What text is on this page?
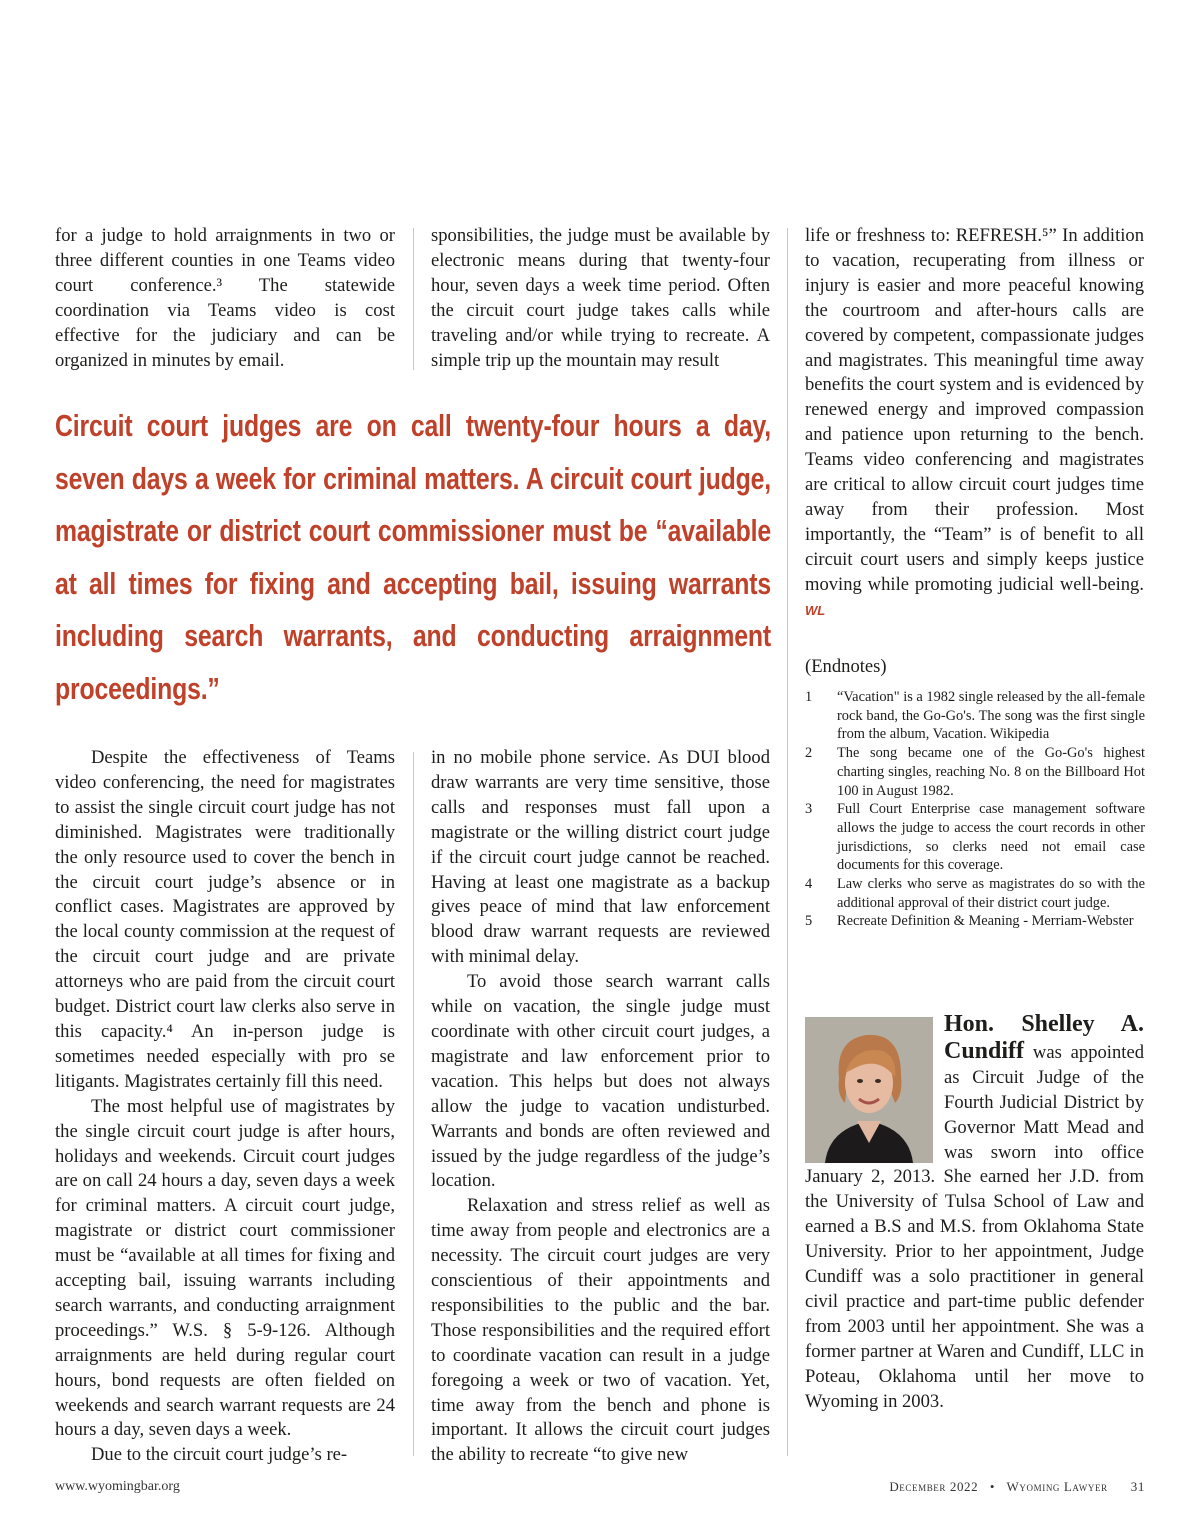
for a judge to hold arraignments in two or three different counties in one Teams video court conference.³ The statewide coordination via Teams video is cost effective for the judiciary and can be organized in minutes by email.

sponsibilities, the judge must be available by electronic means during that twenty-four hour, seven days a week time period. Often the circuit court judge takes calls while traveling and/or while trying to recreate. A simple trip up the mountain may result

Circuit court judges are on call twenty-four hours a day, seven days a week for criminal matters. A circuit court judge, magistrate or district court commissioner must be “available at all times for fixing and accepting bail, issuing warrants including search warrants, and conducting arraignment proceedings.”

Despite the effectiveness of Teams video conferencing, the need for magistrates to assist the single circuit court judge has not diminished. Magistrates were traditionally the only resource used to cover the bench in the circuit court judge’s absence or in conflict cases. Magistrates are approved by the local county commission at the request of the circuit court judge and are private attorneys who are paid from the circuit court budget. District court law clerks also serve in this capacity.⁴ An in-person judge is sometimes needed especially with pro se litigants. Magistrates certainly fill this need.

The most helpful use of magistrates by the single circuit court judge is after hours, holidays and weekends. Circuit court judges are on call 24 hours a day, seven days a week for criminal matters. A circuit court judge, magistrate or district court commissioner must be “available at all times for fixing and accepting bail, issuing warrants including search warrants, and conducting arraignment proceedings.” W.S. § 5-9-126. Although arraignments are held during regular court hours, bond requests are often fielded on weekends and search warrant requests are 24 hours a day, seven days a week.

Due to the circuit court judge’s re-

in no mobile phone service. As DUI blood draw warrants are very time sensitive, those calls and responses must fall upon a magistrate or the willing district court judge if the circuit court judge cannot be reached. Having at least one magistrate as a backup gives peace of mind that law enforcement blood draw warrant requests are reviewed with minimal delay.

To avoid those search warrant calls while on vacation, the single judge must coordinate with other circuit court judges, a magistrate and law enforcement prior to vacation. This helps but does not always allow the judge to vacation undisturbed. Warrants and bonds are often reviewed and issued by the judge regardless of the judge’s location.

Relaxation and stress relief as well as time away from people and electronics are a necessity. The circuit court judges are very conscientious of their appointments and responsibilities to the public and the bar. Those responsibilities and the required effort to coordinate vacation can result in a judge foregoing a week or two of vacation. Yet, time away from the bench and phone is important. It allows the circuit court judges the ability to recreate “to give new

life or freshness to: REFRESH.⁵” In addition to vacation, recuperating from illness or injury is easier and more peaceful knowing the courtroom and after-hours calls are covered by competent, compassionate judges and magistrates. This meaningful time away benefits the court system and is evidenced by renewed energy and improved compassion and patience upon returning to the bench. Teams video conferencing and magistrates are critical to allow circuit court judges time away from their profession. Most importantly, the “Team” is of benefit to all circuit court users and simply keeps justice moving while promoting judicial well-being. WL

(Endnotes)
1	“Vacation" is a 1982 single released by the all-female rock band, the Go-Go's. The song was the first single from the album, Vacation. Wikipedia
2	The song became one of the Go-Go's highest charting singles, reaching No. 8 on the Billboard Hot 100 in August 1982.
3	Full Court Enterprise case management software allows the judge to access the court records in other jurisdictions, so clerks need not email case documents for this coverage.
4	Law clerks who serve as magistrates do so with the additional approval of their district court judge.
5	Recreate Definition & Meaning - Merriam-Webster
Hon. Shelley A. Cundiff was appointed as Circuit Judge of the Fourth Judicial District by Governor Matt Mead and was sworn into office January 2, 2013. She earned her J.D. from the University of Tulsa School of Law and earned a B.S and M.S. from Oklahoma State University. Prior to her appointment, Judge Cundiff was a solo practitioner in general civil practice and part-time public defender from 2003 until her appointment. She was a former partner at Waren and Cundiff, LLC in Poteau, Oklahoma until her move to Wyoming in 2003.
www.wyomingbar.org	December 2022 • Wyoming Lawyer 31
